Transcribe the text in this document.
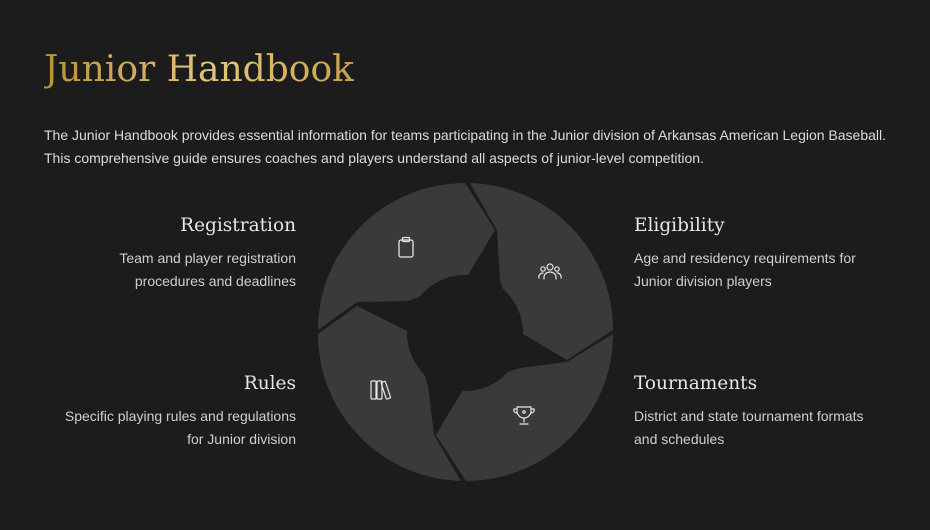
Junior Handbook

The Junior Handbook provides essential information for teams participating in the Junior division of Arkansas American Legion Baseball. This comprehensive guide ensures coaches and players understand all aspects of junior-level competition.

Registration

Team and player registration procedures and deadlines

Rules

Specific playing rules and regulations for Junior division

Eligibility

Age and residency requirements for Junior division players

Tournaments

District and state tournament formats and schedules
